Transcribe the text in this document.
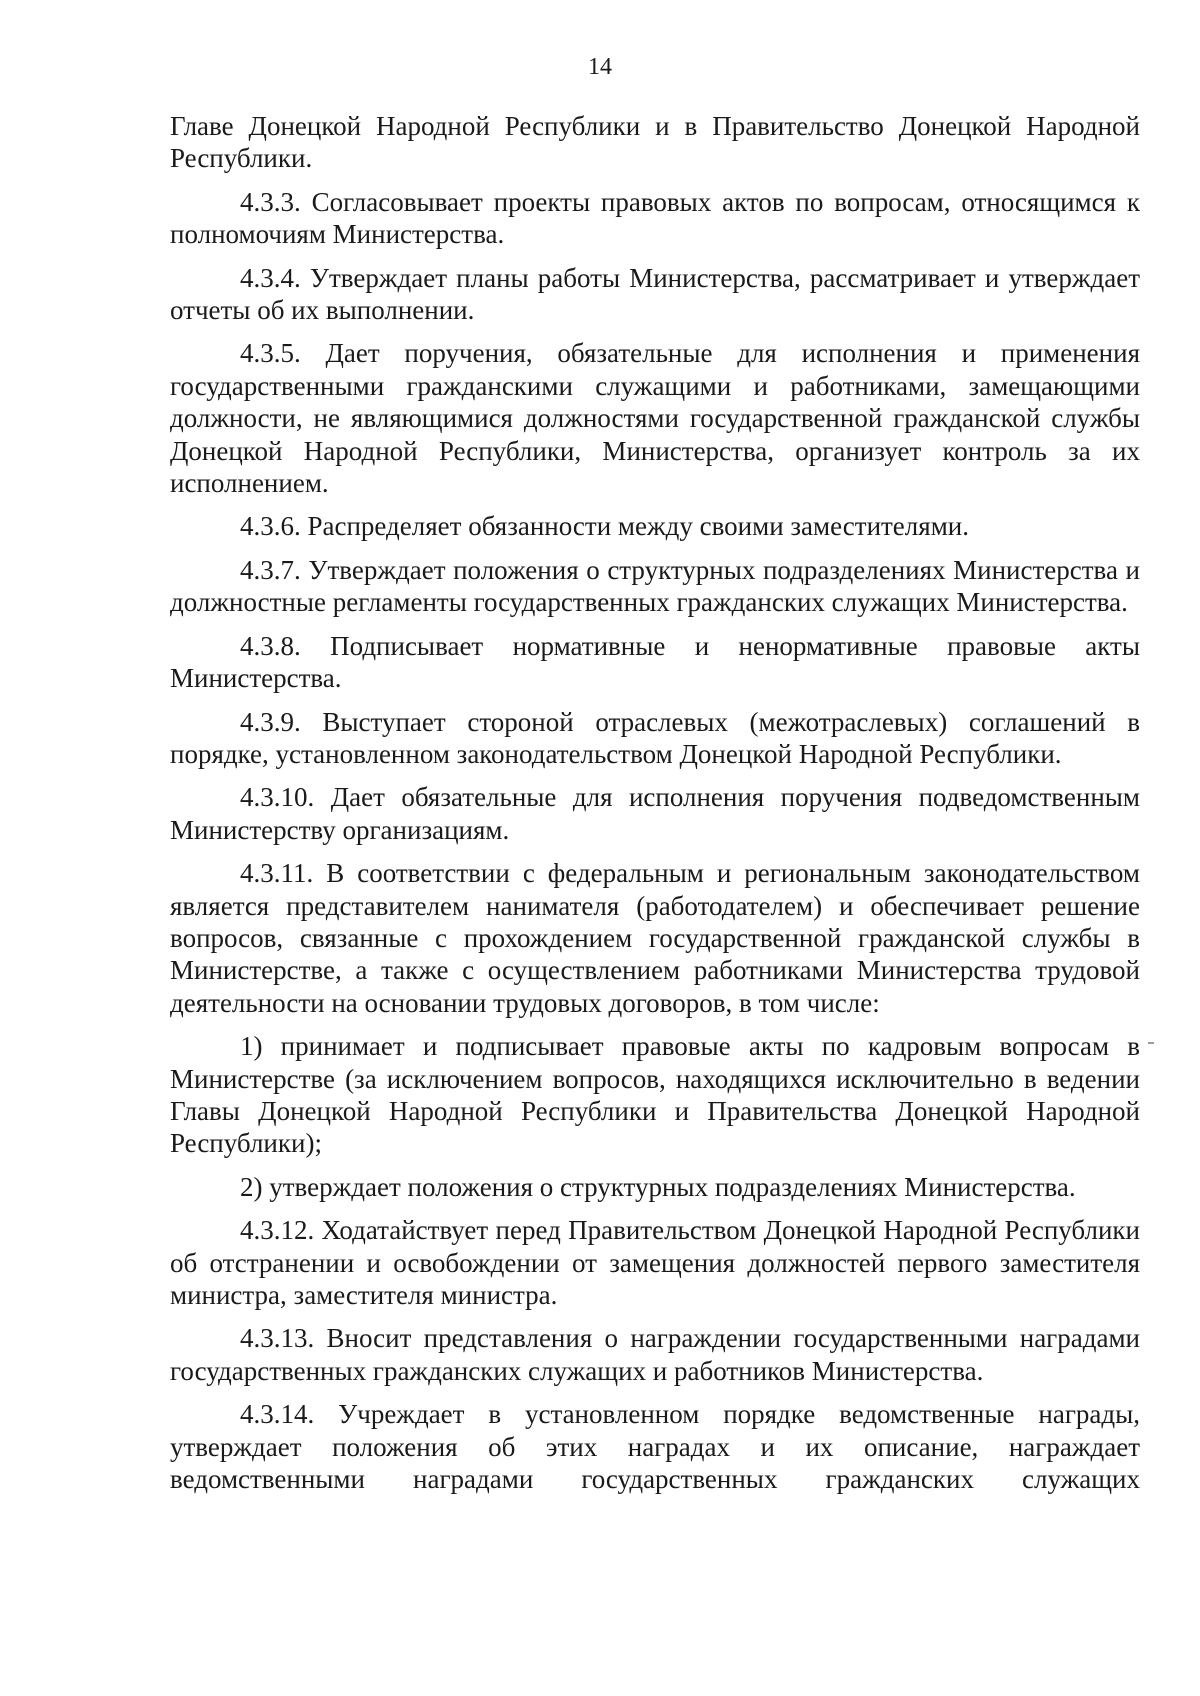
14

Главе Донецкой Народной Республики и в Правительство Донецкой Народной Республики.

4.3.3. Согласовывает проекты правовых актов по вопросам, относящимся к полномочиям Министерства.

4.3.4. Утверждает планы работы Министерства, рассматривает и утверждает отчеты об их выполнении.

4.3.5. Дает поручения, обязательные для исполнения и применения государственными гражданскими служащими и работниками, замещающими должности, не являющимися должностями государственной гражданской службы Донецкой Народной Республики, Министерства, организует контроль за их исполнением.

4.3.6. Распределяет обязанности между своими заместителями.

4.3.7. Утверждает положения о структурных подразделениях Министерства и должностные регламенты государственных гражданских служащих Министерства.

4.3.8. Подписывает нормативные и ненормативные правовые акты Министерства.

4.3.9. Выступает стороной отраслевых (межотраслевых) соглашений в порядке, установленном законодательством Донецкой Народной Республики.

4.3.10. Дает обязательные для исполнения поручения подведомственным Министерству организациям.

4.3.11. В соответствии с федеральным и региональным законодательством является представителем нанимателя (работодателем) и обеспечивает решение вопросов, связанные с прохождением государственной гражданской службы в Министерстве, а также с осуществлением работниками Министерства трудовой деятельности на основании трудовых договоров, в том числе:

1) принимает и подписывает правовые акты по кадровым вопросам в Министерстве (за исключением вопросов, находящихся исключительно в ведении Главы Донецкой Народной Республики и Правительства Донецкой Народной Республики);

2) утверждает положения о структурных подразделениях Министерства.

4.3.12. Ходатайствует перед Правительством Донецкой Народной Республики об отстранении и освобождении от замещения должностей первого заместителя министра, заместителя министра.

4.3.13. Вносит представления о награждении государственными наградами государственных гражданских служащих и работников Министерства.

4.3.14. Учреждает в установленном порядке ведомственные награды, утверждает положения об этих наградах и их описание, награждает ведомственными наградами государственных гражданских служащих
